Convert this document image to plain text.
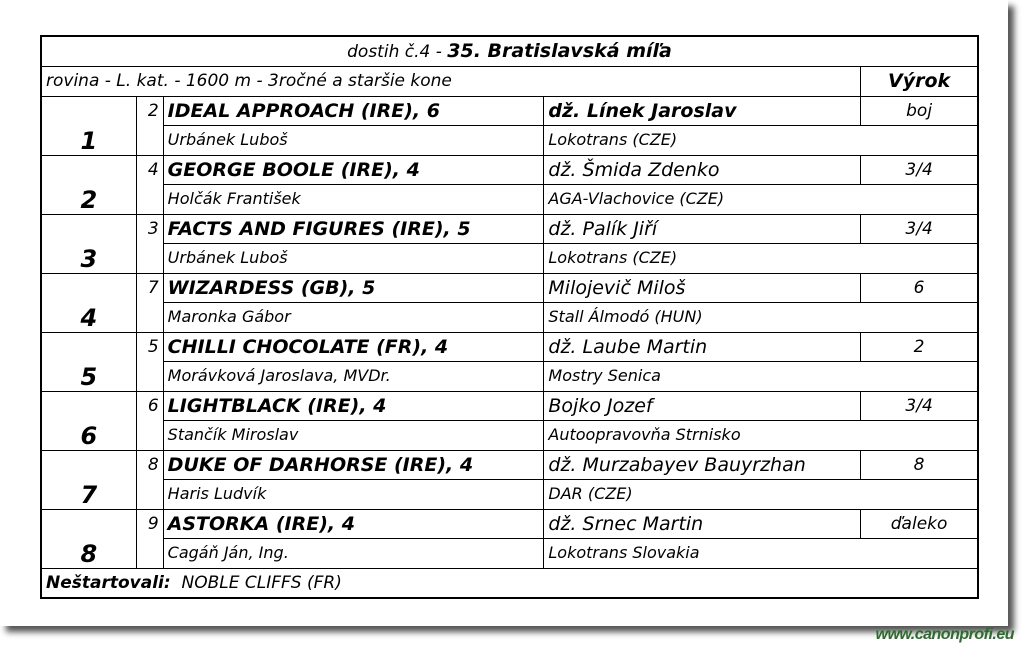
dostih č.4 - 35. Bratislavská míľa				
rovina - L. kat. - 1600 m - 3ročné a staršie kone				Výrok
1	2	IDEAL APPROACH (IRE), 6	dž. Línek Jaroslav	boj
		Urbánek Luboš	Lokotrans (CZE)	
2	4	GEORGE BOOLE (IRE), 4	dž. Šmida Zdenko	3/4
		Holčák František	AGA-Vlachovice (CZE)	
3	3	FACTS AND FIGURES (IRE), 5	dž. Palík Jiří	3/4
		Urbánek Luboš	Lokotrans (CZE)	
4	7	WIZARDESS (GB), 5	Milojevič Miloš	6
		Maronka Gábor	Stall Álmodó (HUN)	
5	5	CHILLI CHOCOLATE (FR), 4	dž. Laube Martin	2
		Morávková Jaroslava, MVDr.	Mostry Senica	
6	6	LIGHTBLACK (IRE), 4	Bojko Jozef	3/4
		Stančík Miroslav	Autoopravovňa Strnisko	
7	8	DUKE OF DARHORSE (IRE), 4	dž. Murzabayev Bauyrzhan	8
		Haris Ludvík	DAR (CZE)	
8	9	ASTORKA (IRE), 4	dž. Srnec Martin	ďaleko
		Cagáň Ján, Ing.	Lokotrans Slovakia	
Neštartovali: NOBLE CLIFFS (FR)				
www.canonprofi.eu
